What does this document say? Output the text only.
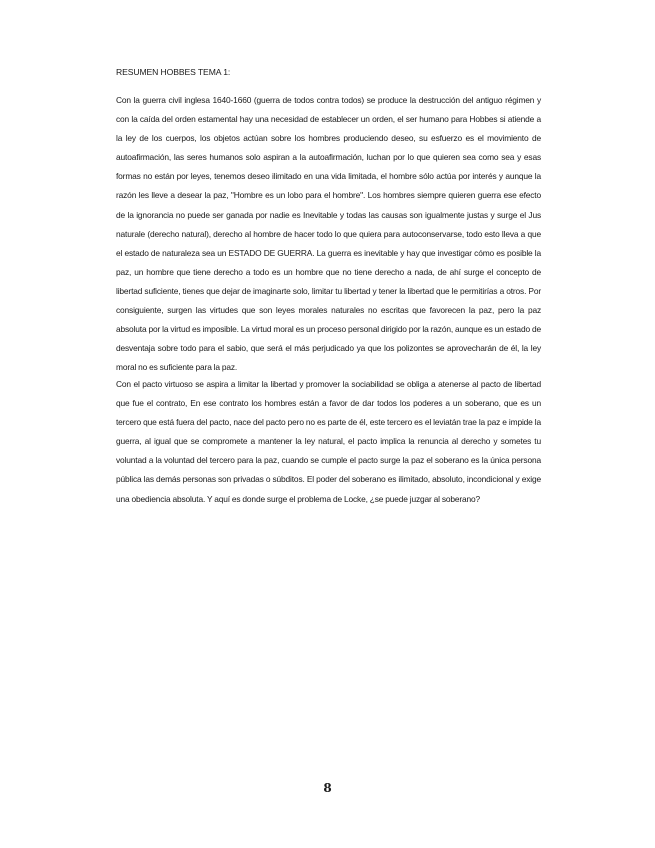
RESUMEN HOBBES TEMA 1:

Con la guerra civil inglesa 1640-1660 (guerra de todos contra todos) se produce la destrucción del antiguo régimen y con la caída del orden estamental hay una necesidad de establecer un orden, el ser humano para Hobbes si atiende a la ley de los cuerpos, los objetos actúan sobre los hombres produciendo deseo, su esfuerzo es el movimiento de autoafirmación, las seres humanos solo aspiran a la autoafirmación, luchan por lo que quieren sea como sea y esas formas no están por leyes, tenemos deseo ilimitado en una vida limitada, el hombre sólo actúa por interés y aunque la razón les lleve a desear la paz, "Hombre es un lobo para el hombre". Los hombres siempre quieren guerra ese efecto de la ignorancia no puede ser ganada por nadie es Inevitable y todas las causas son igualmente justas y surge el Jus naturale (derecho natural), derecho al hombre de hacer todo lo que quiera para autoconservarse, todo esto lleva a que el estado de naturaleza sea un ESTADO DE GUERRA. La guerra es inevitable y hay que investigar cómo es posible la paz, un hombre que tiene derecho a todo es un hombre que no tiene derecho a nada, de ahí surge el concepto de libertad suficiente, tienes que dejar de imaginarte solo, limitar tu libertad y tener la libertad que le permitirías a otros. Por consiguiente, surgen las virtudes que son leyes morales naturales no escritas que favorecen la paz, pero la paz absoluta por la virtud es imposible. La virtud moral es un proceso personal dirigido por la razón, aunque es un estado de desventaja sobre todo para el sabio, que será el más perjudicado ya que los polizontes se aprovecharán de él, la ley moral no es suficiente para la paz.

Con el pacto virtuoso se aspira a limitar la libertad y promover la sociabilidad se obliga a atenerse al pacto de libertad que fue el contrato, En ese contrato los hombres están a favor de dar todos los poderes a un soberano, que es un tercero que está fuera del pacto, nace del pacto pero no es parte de él, este tercero es el leviatán trae la paz e impide la guerra, al igual que se compromete a mantener la ley natural, el pacto implica la renuncia al derecho y sometes tu voluntad a la voluntad del tercero para la paz, cuando se cumple el pacto surge la paz el soberano es la única persona pública las demás personas son privadas o súbditos. El poder del soberano es ilimitado, absoluto, incondicional y exige una obediencia absoluta. Y aquí es donde surge el problema de Locke, ¿se puede juzgar al soberano?

8
